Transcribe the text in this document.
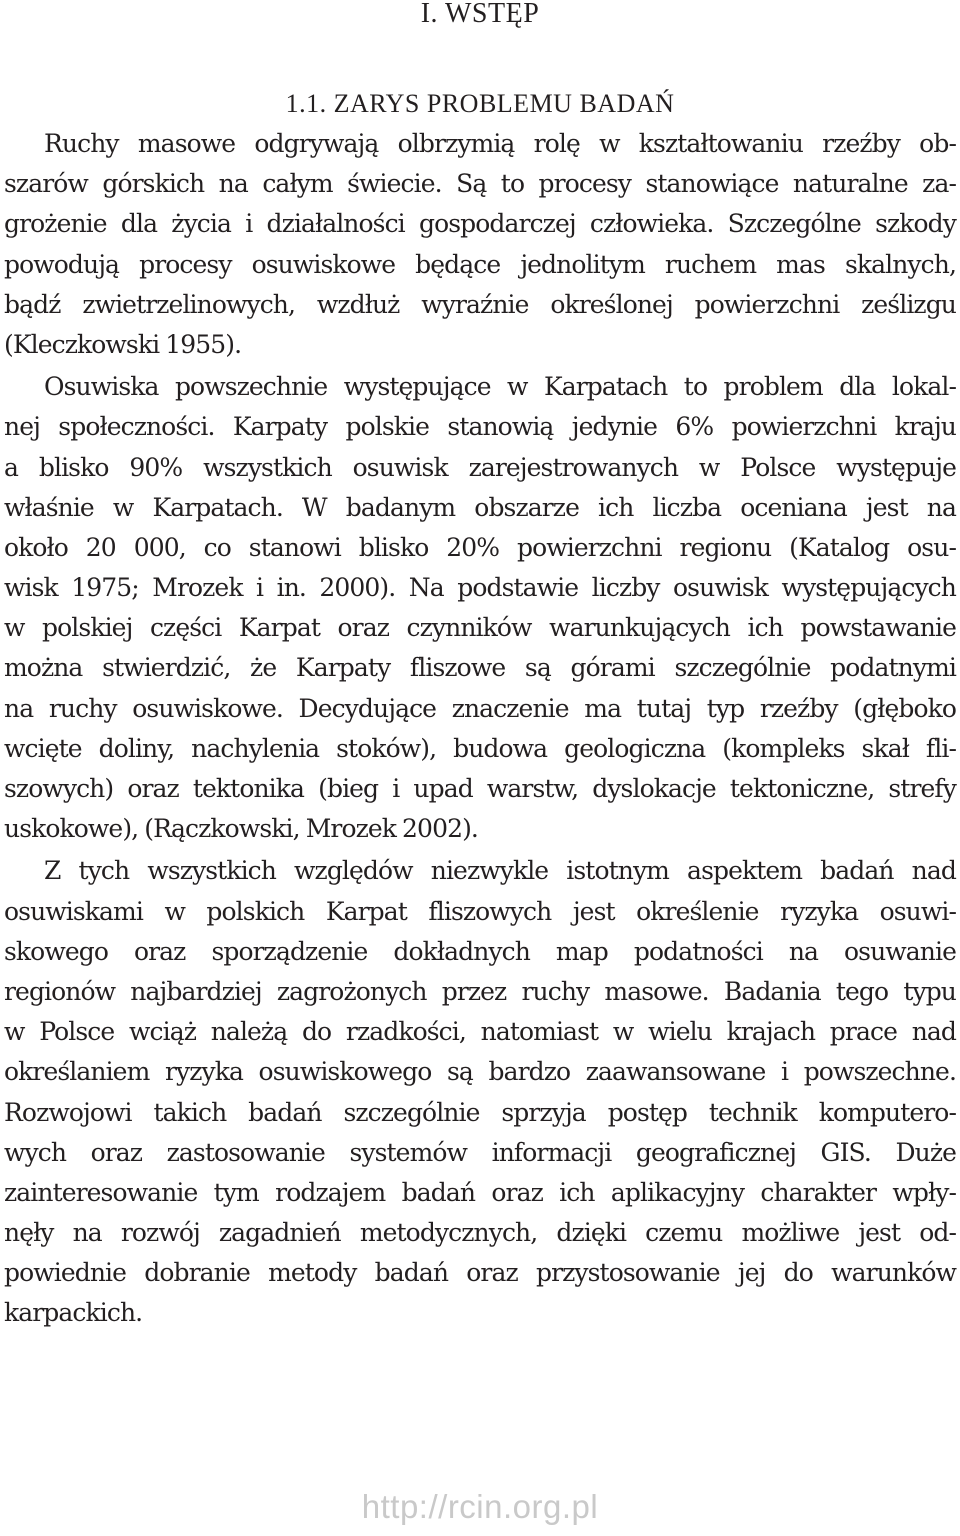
I. WSTĘP
1.1. ZARYS PROBLEMU BADAŃ
Ruchy masowe odgrywają olbrzymią rolę w kształtowaniu rzeźby ob-
szarów górskich na całym świecie. Są to procesy stanowiące naturalne za-
grożenie dla życia i działalności gospodarczej człowieka. Szczególne szkody
powodują procesy osuwiskowe będące jednolitym ruchem mas skalnych,
bądź zwietrzelinowych, wzdłuż wyraźnie określonej powierzchni ześlizgu
(Kleczkowski 1955).
Osuwiska powszechnie występujące w Karpatach to problem dla lokal-
nej społeczności. Karpaty polskie stanowią jedynie 6% powierzchni kraju
a blisko 90% wszystkich osuwisk zarejestrowanych w Polsce występuje
właśnie w Karpatach. W badanym obszarze ich liczba oceniana jest na
około 20 000, co stanowi blisko 20% powierzchni regionu (Katalog osu-
wisk 1975; Mrozek i in. 2000). Na podstawie liczby osuwisk występujących
w polskiej części Karpat oraz czynników warunkujących ich powstawanie
można stwierdzić, że Karpaty fliszowe są górami szczególnie podatnymi
na ruchy osuwiskowe. Decydujące znaczenie ma tutaj typ rzeźby (głęboko
wcięte doliny, nachylenia stoków), budowa geologiczna (kompleks skał fli-
szowych) oraz tektonika (bieg i upad warstw, dyslokacje tektoniczne, strefy
uskokowe), (Rączkowski, Mrozek 2002).
Z tych wszystkich względów niezwykle istotnym aspektem badań nad
osuwiskami w polskich Karpat fliszowych jest określenie ryzyka osuwi-
skowego oraz sporządzenie dokładnych map podatności na osuwanie
regionów najbardziej zagrożonych przez ruchy masowe. Badania tego typu
w Polsce wciąż należą do rzadkości, natomiast w wielu krajach prace nad
określaniem ryzyka osuwiskowego są bardzo zaawansowane i powszechne.
Rozwojowi takich badań szczególnie sprzyja postęp technik komputero-
wych oraz zastosowanie systemów informacji geograficznej GIS. Duże
zainteresowanie tym rodzajem badań oraz ich aplikacyjny charakter wpły-
nęły na rozwój zagadnień metodycznych, dzięki czemu możliwe jest od-
powiednie dobranie metody badań oraz przystosowanie jej do warunków
karpackich.
http://rcin.org.pl
